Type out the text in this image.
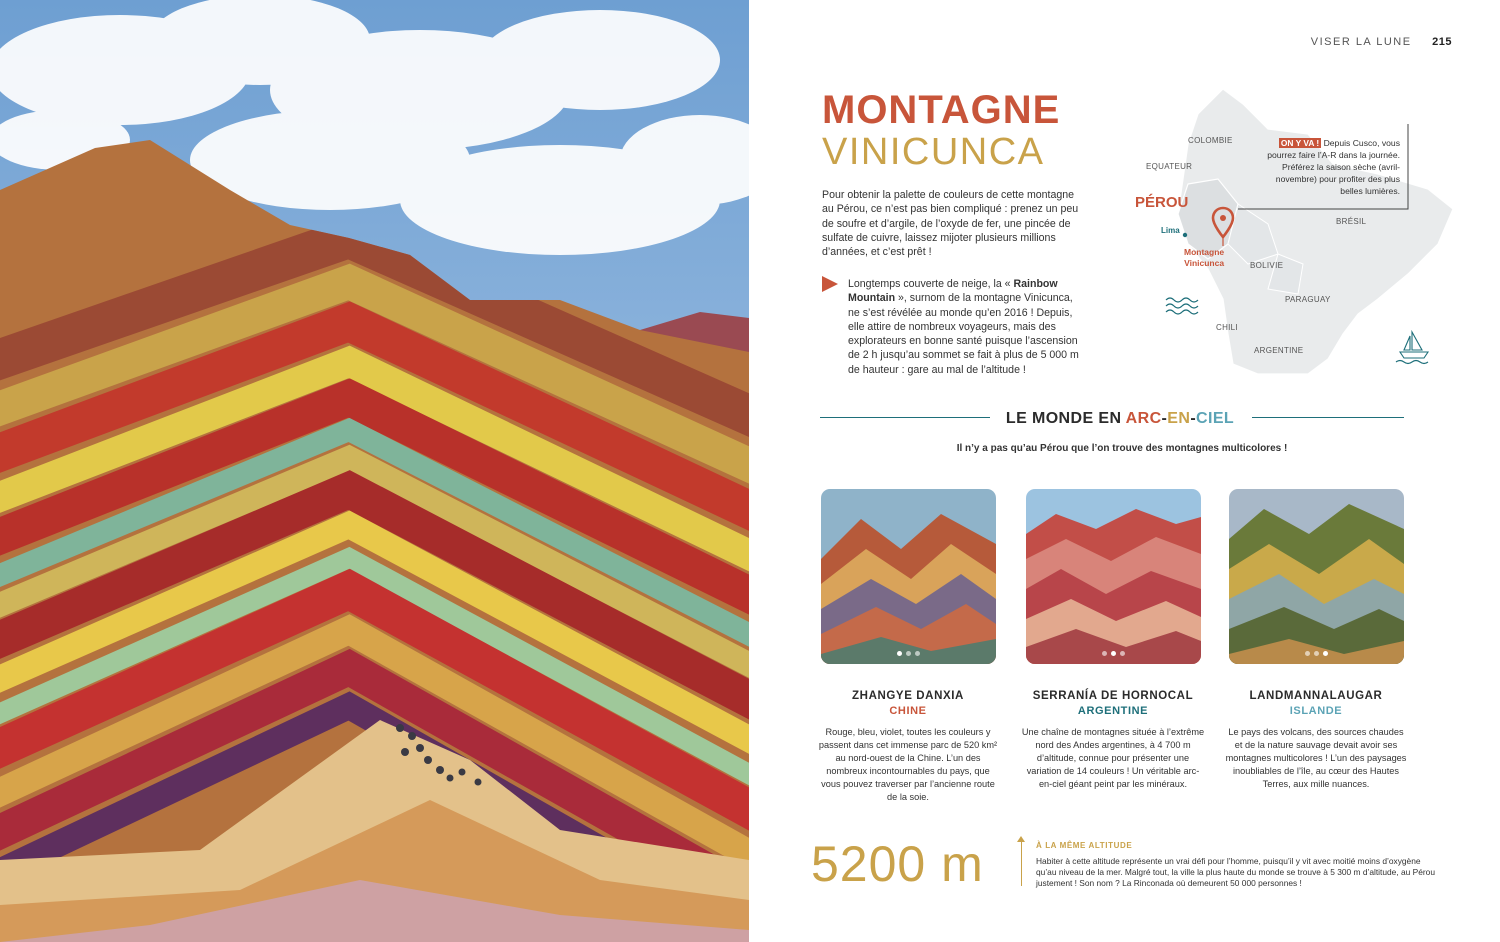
VISER LA LUNE 215
MONTAGNE
VINICUNCA

Pour obtenir la palette de couleurs de cette montagne au Pérou, ce n’est pas bien compliqué : prenez un peu de soufre et d’argile, de l’oxyde de fer, une pincée de sulfate de cuivre, laissez mijoter plusieurs millions d’années, et c’est prêt !

Longtemps couverte de neige, la « Rainbow Mountain », surnom de la montagne Vinicunca, ne s’est révélée au monde qu’en 2016 ! Depuis, elle attire de nombreux voyageurs, mais des explorateurs en bonne santé puisque l’ascension de 2 h jusqu’au sommet se fait à plus de 5 000 m de hauteur : gare au mal de l’altitude !

COLOMBIE
EQUATEUR
BRÉSIL
BOLIVIE
PARAGUAY
CHILI
ARGENTINE
PÉROU
Lima
Montagne
Vinicunca

ON Y VA ! Depuis Cusco, vous pourrez faire l’A-R dans la journée. Préférez la saison sèche (avril-novembre) pour profiter des plus belles lumières.

LE MONDE EN ARC-EN-CIEL
Il n’y a pas qu’au Pérou que l’on trouve des montagnes multicolores !
ZHANGYE DANXIA
CHINE

Rouge, bleu, violet, toutes les couleurs y passent dans cet immense parc de 520 km² au nord-ouest de la Chine. L’un des nombreux incontournables du pays, que vous pouvez traverser par l’ancienne route de la soie.

SERRANÍA DE HORNOCAL
ARGENTINE

Une chaîne de montagnes située à l’extrême nord des Andes argentines, à 4 700 m d’altitude, connue pour présenter une variation de 14 couleurs ! Un véritable arc-en-ciel géant peint par les minéraux.

LANDMANNALAUGAR
ISLANDE

Le pays des volcans, des sources chaudes et de la nature sauvage devait avoir ses montagnes multicolores ! L’un des paysages inoubliables de l’île, au cœur des Hautes Terres, aux mille nuances.

5200 m	À LA MÊME ALTITUDE

Habiter à cette altitude représente un vrai défi pour l’homme, puisqu’il y vit avec moitié moins d’oxygène qu’au niveau de la mer. Malgré tout, la ville la plus haute du monde se trouve à 5 300 m d’altitude, au Pérou justement ! Son nom ? La Rinconada où demeurent 50 000 personnes !
